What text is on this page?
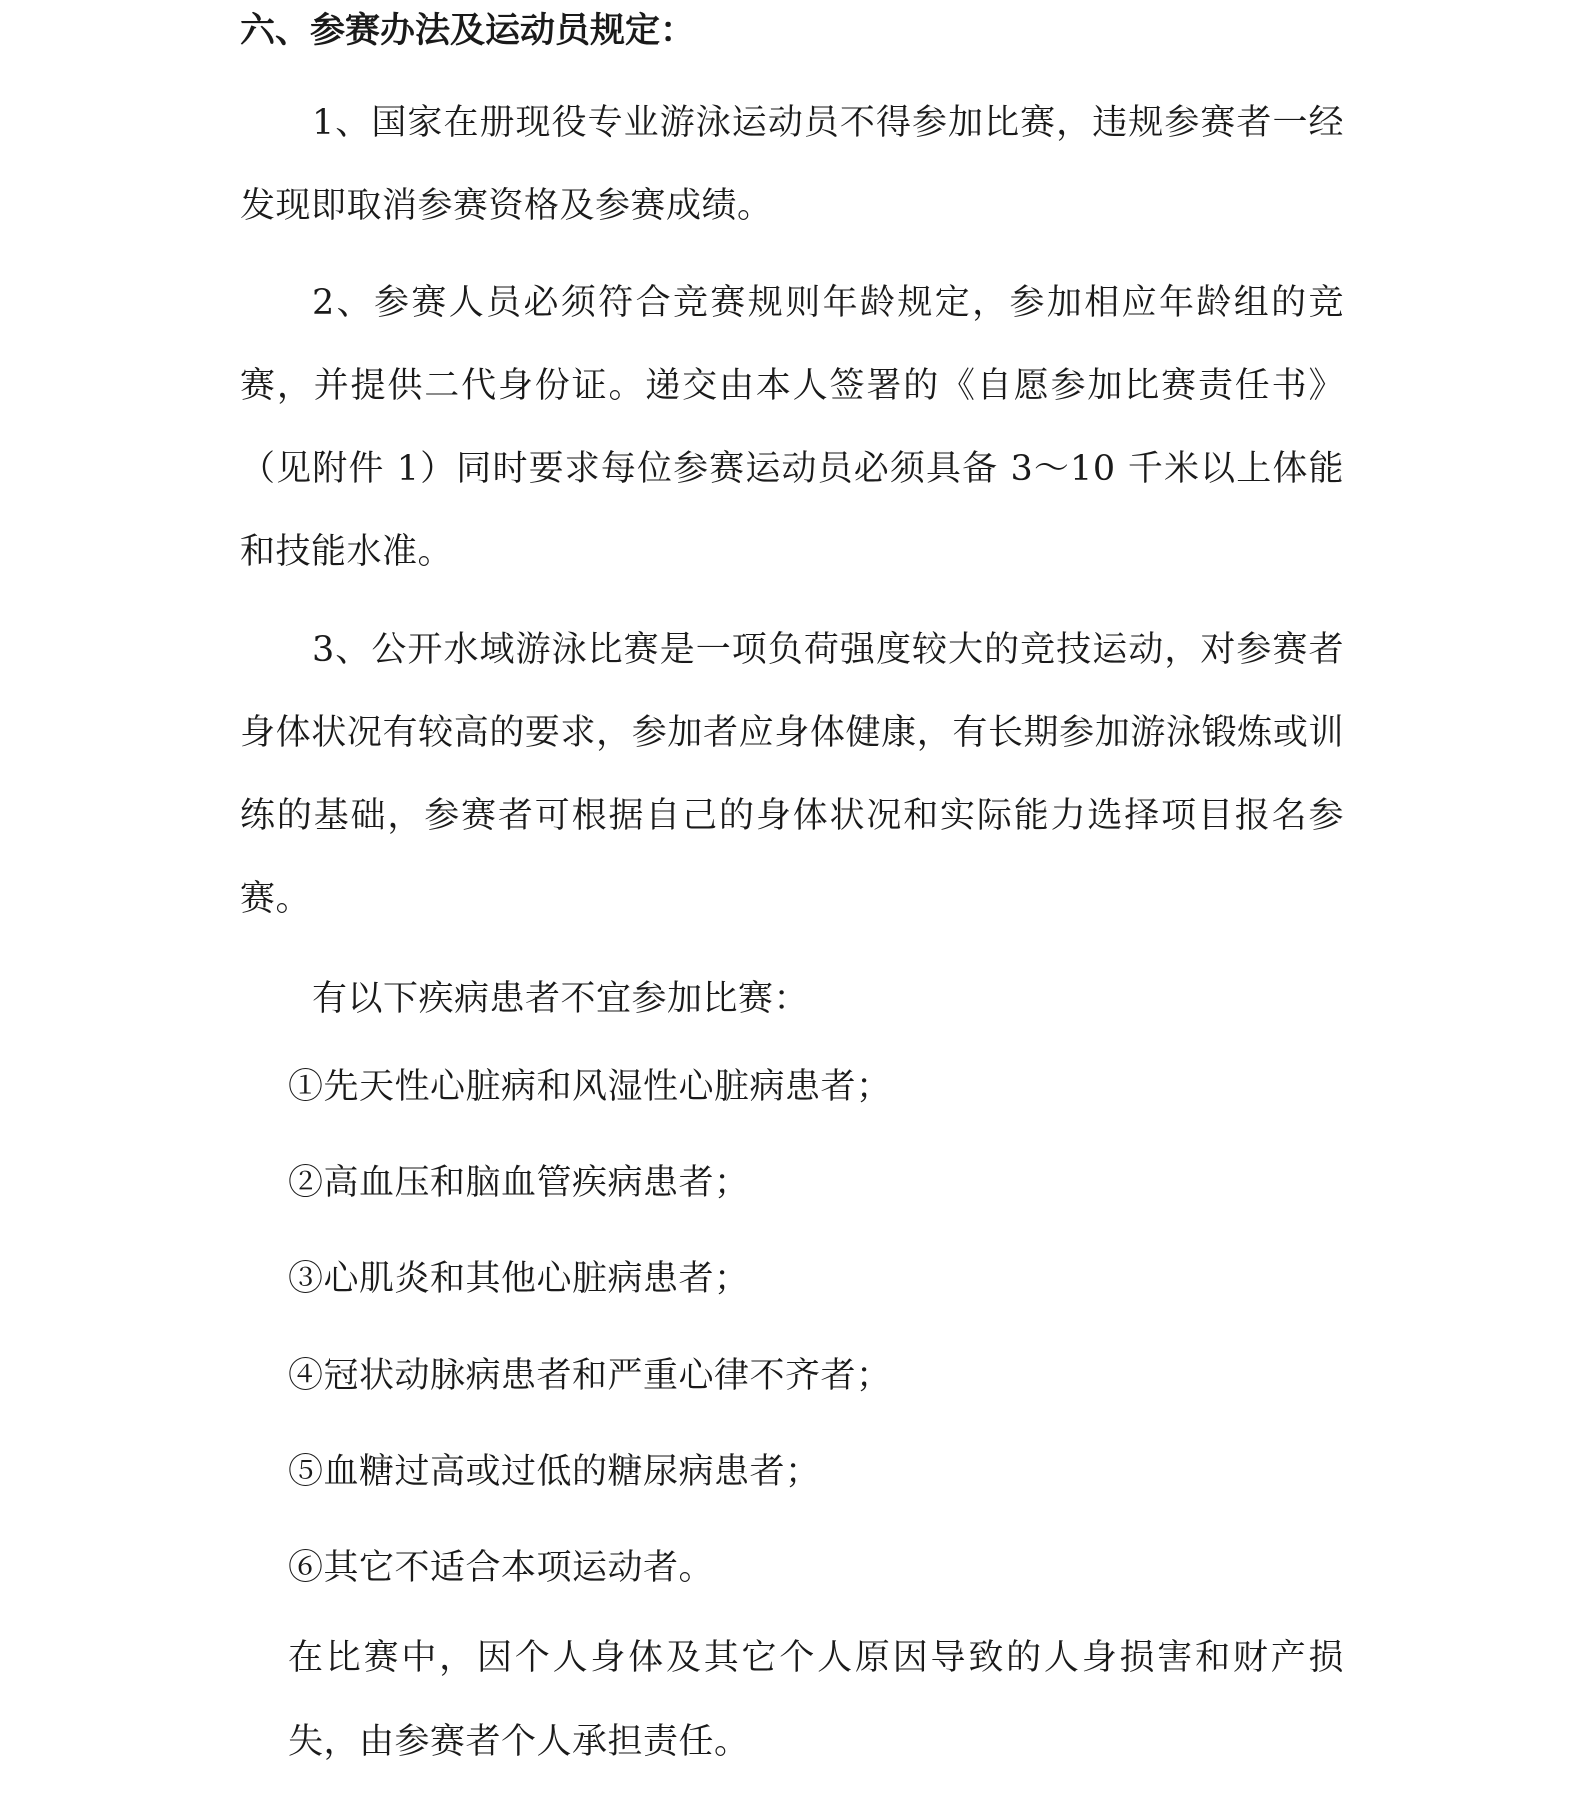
六、参赛办法及运动员规定：
1、国家在册现役专业游泳运动员不得参加比赛，违规参赛者一经发现即取消参赛资格及参赛成绩。
2、参赛人员必须符合竞赛规则年龄规定，参加相应年龄组的竞赛，并提供二代身份证。递交由本人签署的《自愿参加比赛责任书》（见附件 1）同时要求每位参赛运动员必须具备 3～10 千米以上体能和技能水准。
3、公开水域游泳比赛是一项负荷强度较大的竞技运动，对参赛者身体状况有较高的要求，参加者应身体健康，有长期参加游泳锻炼或训练的基础，参赛者可根据自己的身体状况和实际能力选择项目报名参赛。
有以下疾病患者不宜参加比赛：
①先天性心脏病和风湿性心脏病患者；
②高血压和脑血管疾病患者；
③心肌炎和其他心脏病患者；
④冠状动脉病患者和严重心律不齐者；
⑤血糖过高或过低的糖尿病患者；
⑥其它不适合本项运动者。
在比赛中，因个人身体及其它个人原因导致的人身损害和财产损失，由参赛者个人承担责任。
